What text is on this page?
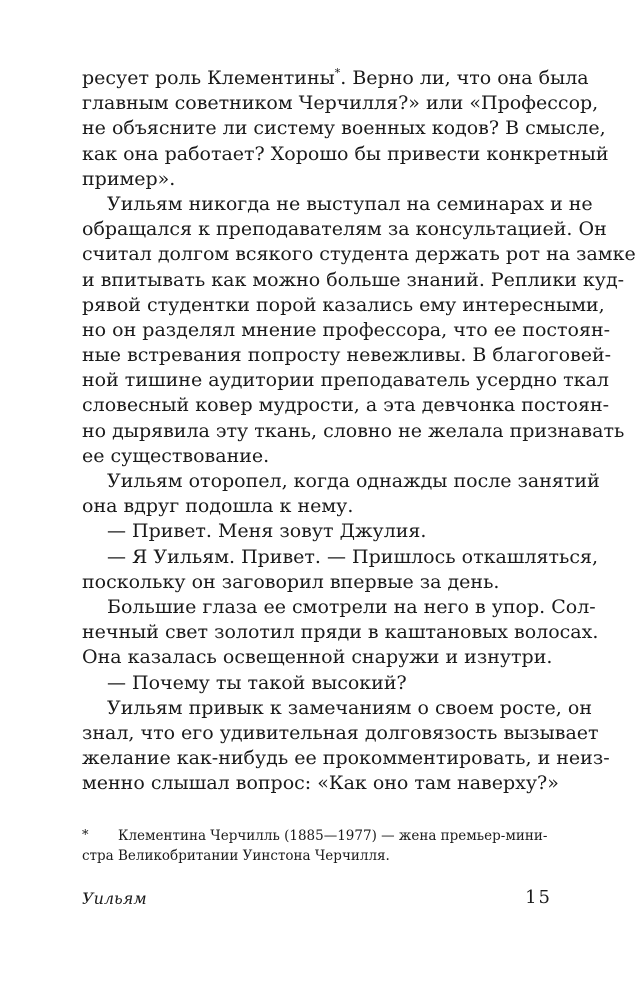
ресует роль Клементины*. Верно ли, что она была
главным советником Черчилля?» или «Профессор,
не объясните ли систему военных кодов? В смысле,
как она работает? Хорошо бы привести конкретный
пример».
Уильям никогда не выступал на семинарах и не
обращался к преподавателям за консультацией. Он
считал долгом всякого студента держать рот на замке
и впитывать как можно больше знаний. Реплики куд-
рявой студентки порой казались ему интересными,
но он разделял мнение профессора, что ее постоян-
ные встревания попросту невежливы. В благоговей-
ной тишине аудитории преподаватель усердно ткал
словесный ковер мудрости, а эта девчонка постоян-
но дырявила эту ткань, словно не желала признавать
ее существование.
Уильям оторопел, когда однажды после занятий
она вдруг подошла к нему.
— Привет. Меня зовут Джулия.
— Я Уильям. Привет. — Пришлось откашляться,
поскольку он заговорил впервые за день.
Большие глаза ее смотрели на него в упор. Сол-
нечный свет золотил пряди в каштановых волосах.
Она казалась освещенной снаружи и изнутри.
— Почему ты такой высокий?
Уильям привык к замечаниям о своем росте, он
знал, что его удивительная долговязость вызывает
желание как-нибудь ее прокомментировать, и неиз-
менно слышал вопрос: «Как оно там наверху?»
*	Клементина Черчилль (1885—1977) — жена премьер-мини-
стра Великобритании Уинстона Черчилля.
Уильям	15
